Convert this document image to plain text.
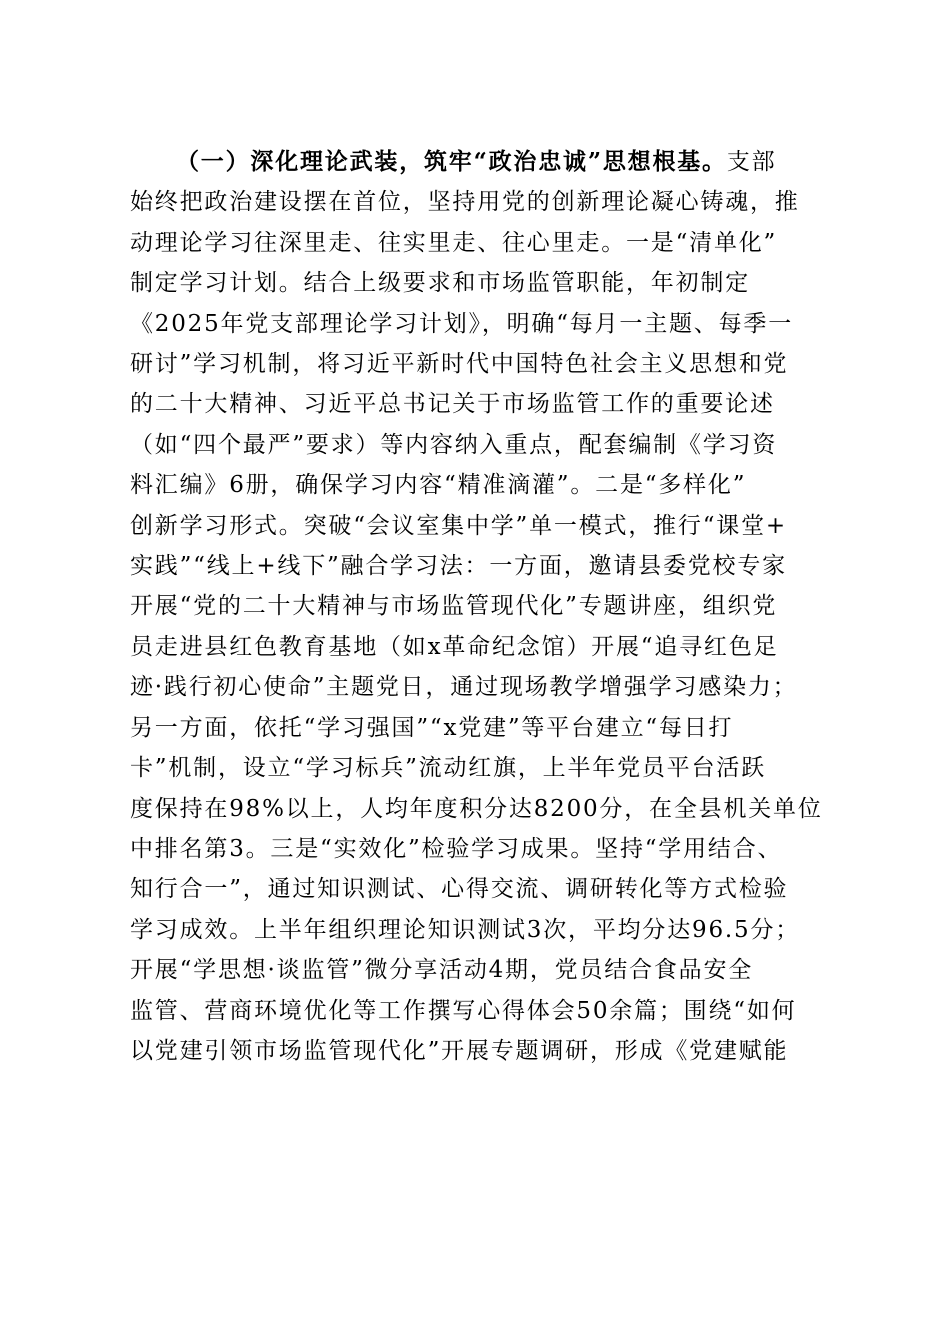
（一）深化理论武装，筑牢“政治忠诚”思想根基。支部
始终把政治建设摆在首位，坚持用党的创新理论凝心铸魂，推
动理论学习往深里走、往实里走、往心里走。一是“清单化”
制定学习计划。结合上级要求和市场监管职能，年初制定
《2025年党支部理论学习计划》，明确“每月一主题、每季一
研讨”学习机制，将习近平新时代中国特色社会主义思想和党
的二十大精神、习近平总书记关于市场监管工作的重要论述
（如“四个最严”要求）等内容纳入重点，配套编制《学习资
料汇编》6册，确保学习内容“精准滴灌”。二是“多样化”
创新学习形式。突破“会议室集中学”单一模式，推行“课堂+
实践”“线上+线下”融合学习法：一方面，邀请县委党校专家
开展“党的二十大精神与市场监管现代化”专题讲座，组织党
员走进县红色教育基地（如x革命纪念馆）开展“追寻红色足
迹·践行初心使命”主题党日，通过现场教学增强学习感染力；
另一方面，依托“学习强国”“x党建”等平台建立“每日打
卡”机制，设立“学习标兵”流动红旗，上半年党员平台活跃
度保持在98%以上，人均年度积分达8200分，在全县机关单位
中排名第3。三是“实效化”检验学习成果。坚持“学用结合、
知行合一”，通过知识测试、心得交流、调研转化等方式检验
学习成效。上半年组织理论知识测试3次，平均分达96.5分；
开展“学思想·谈监管”微分享活动4期，党员结合食品安全
监管、营商环境优化等工作撰写心得体会50余篇；围绕“如何
以党建引领市场监管现代化”开展专题调研，形成《党建赋能
